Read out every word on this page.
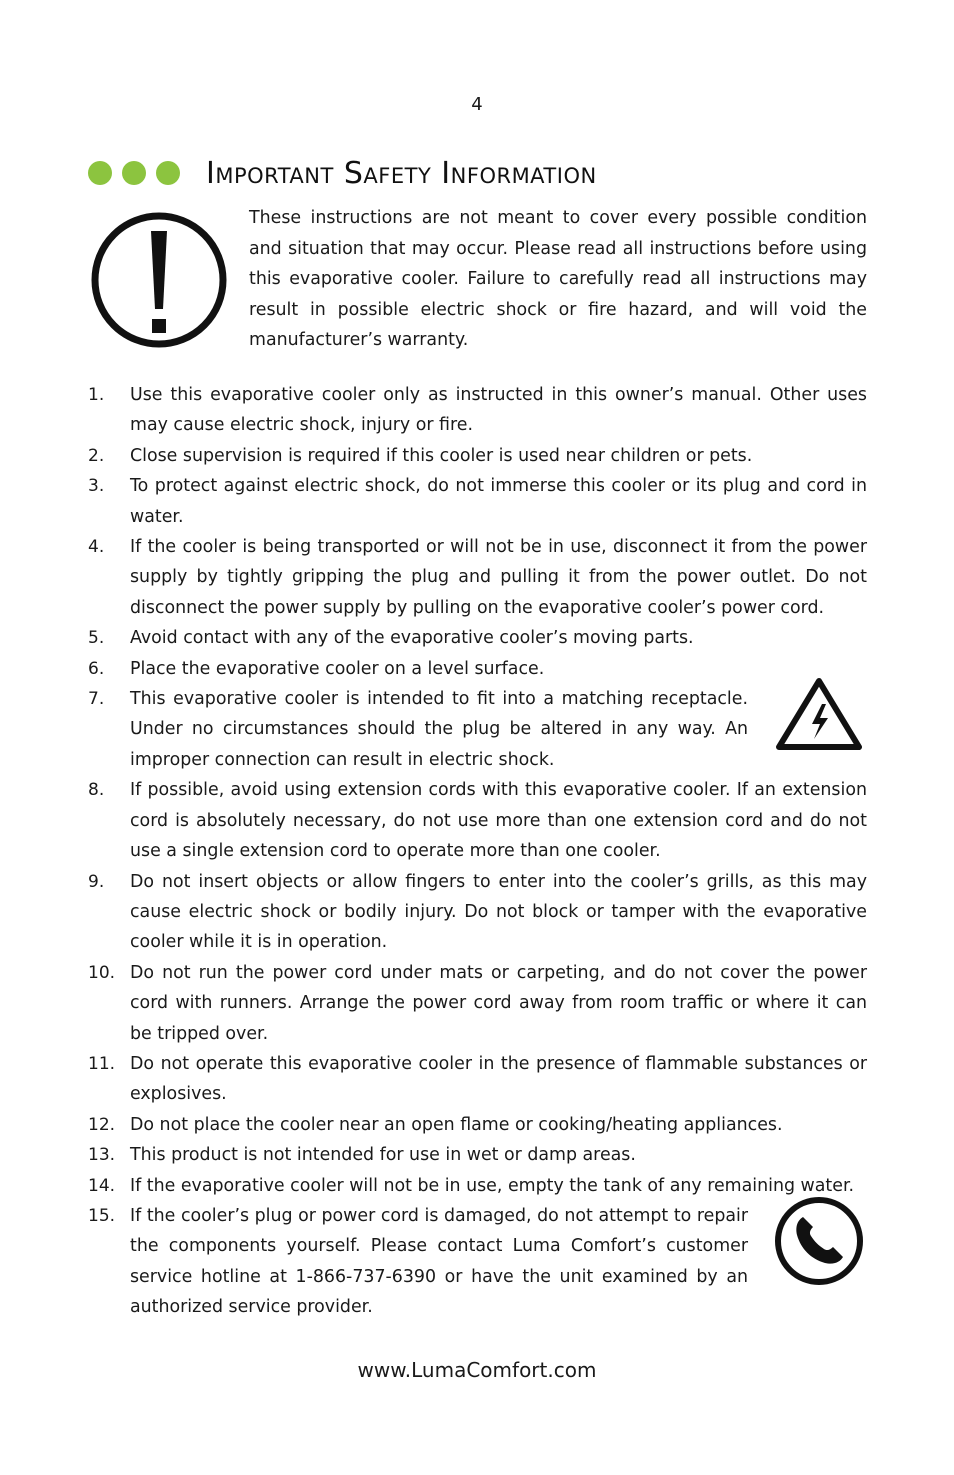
4
Important Safety Information
These instructions are not meant to cover every possible condition and situation that may occur. Please read all instructions before using this evaporative cooler. Failure to carefully read all instructions may result in possible electric shock or fire hazard, and will void the manufacturer’s warranty.
1. Use this evaporative cooler only as instructed in this owner’s manual. Other uses may cause electric shock, injury or fire.
2. Close supervision is required if this cooler is used near children or pets.
3. To protect against electric shock, do not immerse this cooler or its plug and cord in water.
4. If the cooler is being transported or will not be in use, disconnect it from the power supply by tightly gripping the plug and pulling it from the power outlet. Do not disconnect the power supply by pulling on the evaporative cooler’s power cord.
5. Avoid contact with any of the evaporative cooler’s moving parts.
6. Place the evaporative cooler on a level surface.
7. This evaporative cooler is intended to fit into a matching receptacle. Under no circumstances should the plug be altered in any way. An improper connection can result in electric shock.
8. If possible, avoid using extension cords with this evaporative cooler. If an extension cord is absolutely necessary, do not use more than one extension cord and do not use a single extension cord to operate more than one cooler.
9. Do not insert objects or allow fingers to enter into the cooler’s grills, as this may cause electric shock or bodily injury. Do not block or tamper with the evaporative cooler while it is in operation.
10. Do not run the power cord under mats or carpeting, and do not cover the power cord with runners. Arrange the power cord away from room traffic or where it can be tripped over.
11. Do not operate this evaporative cooler in the presence of flammable substances or explosives.
12. Do not place the cooler near an open flame or cooking/heating appliances.
13. This product is not intended for use in wet or damp areas.
14. If the evaporative cooler will not be in use, empty the tank of any remaining water.
15. If the cooler’s plug or power cord is damaged, do not attempt to repair the components yourself. Please contact Luma Comfort’s customer service hotline at 1-866-737-6390 or have the unit examined by an authorized service provider.
www.LumaComfort.com
